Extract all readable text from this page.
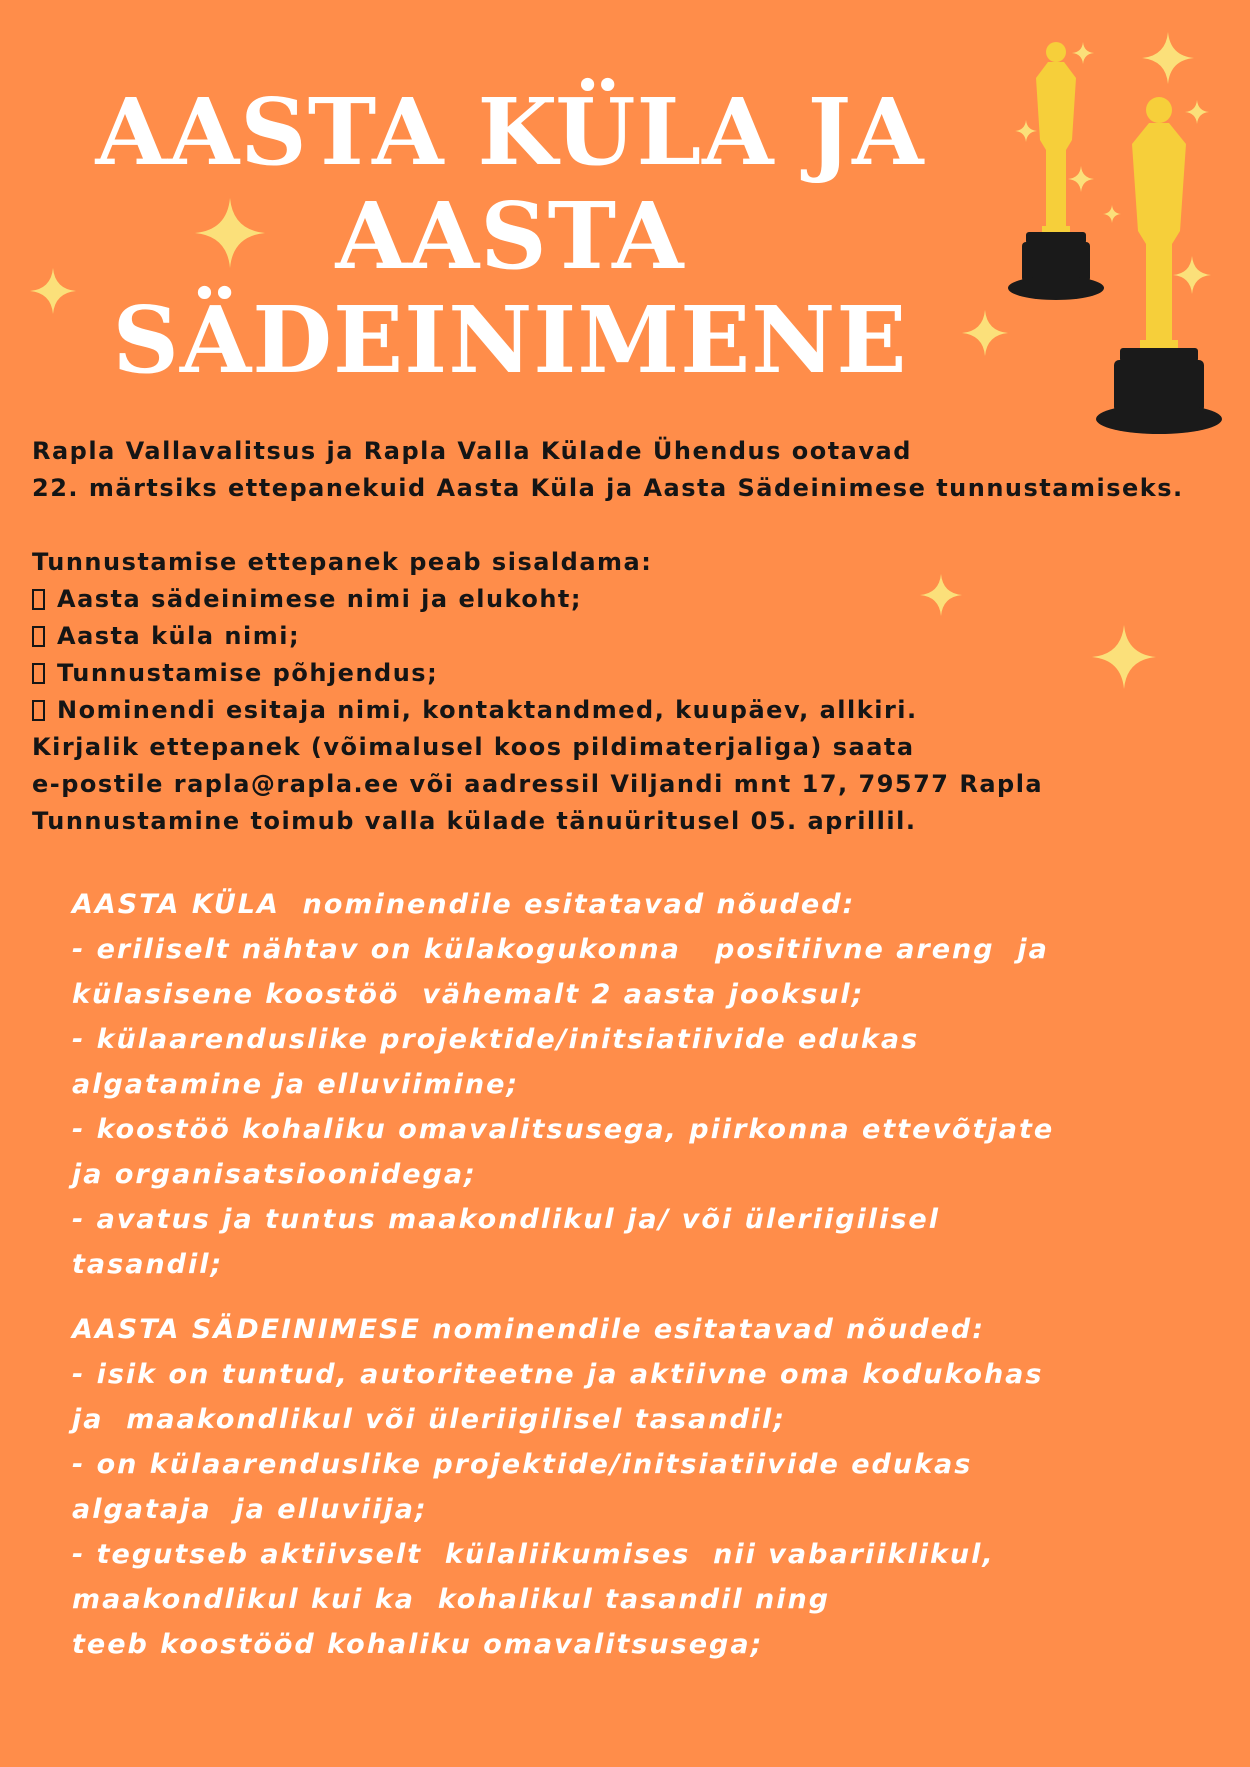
AASTA KÜLA JA
AASTA
SÄDEINIMENE
Rapla Vallavalitsus ja Rapla Valla Külade Ühendus ootavad
22. märtsiks ettepanekuid Aasta Küla ja Aasta Sädeinimese tunnustamiseks.
Tunnustamise ettepanek peab sisaldama:
Aasta sädeinimese nimi ja elukoht;
Aasta küla nimi;
Tunnustamise põhjendus;
Nominendi esitaja nimi, kontaktandmed, kuupäev, allkiri.
Kirjalik ettepanek (võimalusel koos pildimaterjaliga) saata
e-postile rapla@rapla.ee või aadressil Viljandi mnt 17, 79577 Rapla
Tunnustamine toimub valla külade tänuüritusel 05. aprillil.
AASTA KÜLA nominendile esitatavad nõuded:
- eriliselt nähtav on külakogukonna   positiivne areng  ja
külasisene koostöö  vähemalt 2 aasta jooksul;
- külaarenduslike projektide/initsiatiivide edukas
algatamine ja elluviimine;
- koostöö kohaliku omavalitsusega, piirkonna ettevõtjate
ja organisatsioonidega;
- avatus ja tuntus maakondlikul ja/ või üleriigilisel
tasandil;
AASTA SÄDEINIMESE nominendile esitatavad nõuded:
- isik on tuntud, autoriteetne ja aktiivne oma kodukohas
ja  maakondlikul või üleriigilisel tasandil;
- on külaarenduslike projektide/initsiatiivide edukas
algataja  ja elluviija;
- tegutseb aktiivselt  külaliikumises  nii vabariiklikul,
maakondlikul kui ka  kohalikul tasandil ning
teeb koostööd kohaliku omavalitsusega;
